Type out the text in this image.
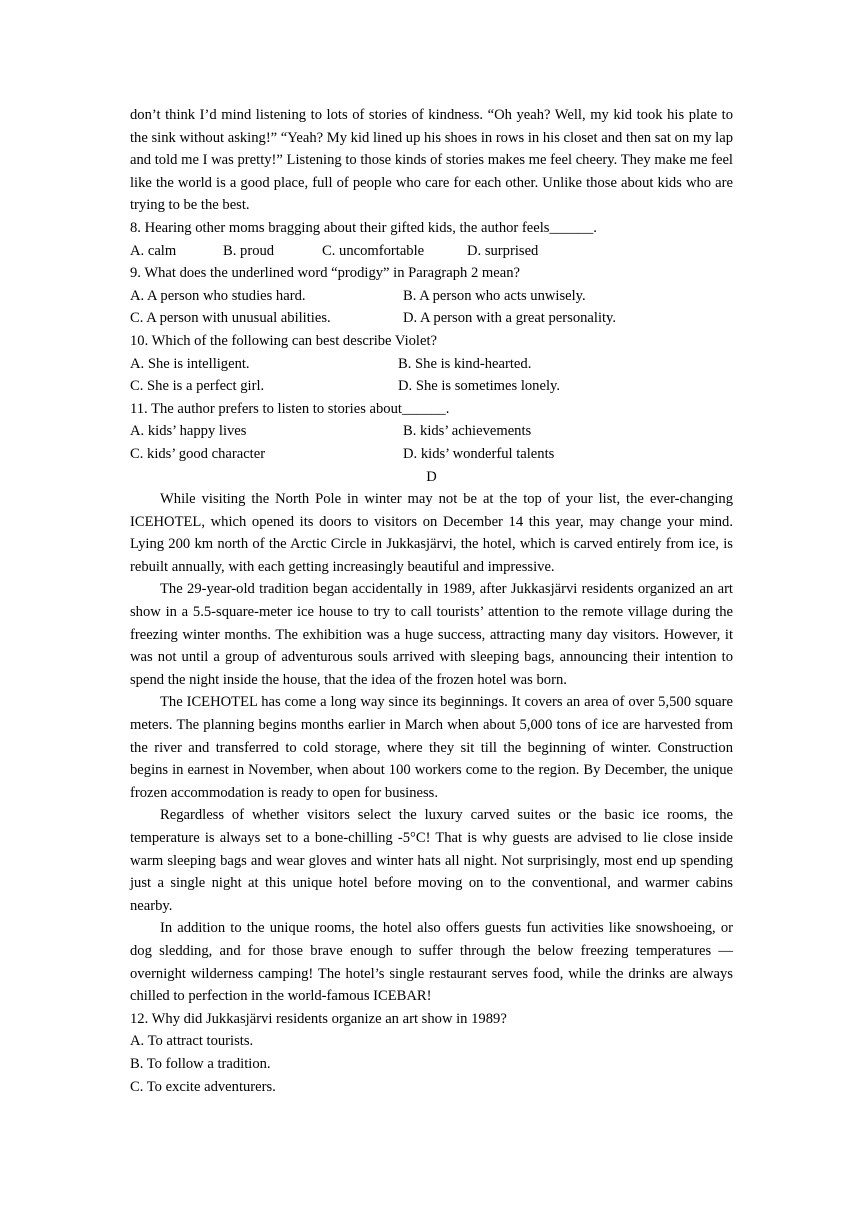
don’t think I’d mind listening to lots of stories of kindness. “Oh yeah? Well, my kid took his plate to the sink without asking!” “Yeah? My kid lined up his shoes in rows in his closet and then sat on my lap and told me I was pretty!” Listening to those kinds of stories makes me feel cheery. They make me feel like the world is a good place, full of people who care for each other. Unlike those about kids who are trying to be the best.

8. Hearing other moms bragging about their gifted kids, the author feels______.

A. calm	B. proud	C. uncomfortable	D. surprised

9. What does the underlined word “prodigy” in Paragraph 2 mean?

A. A person who studies hard.	B. A person who acts unwisely.
C. A person with unusual abilities.	D. A person with a great personality.

10. Which of the following can best describe Violet?

A. She is intelligent.	B. She is kind-hearted.
C. She is a perfect girl.	D. She is sometimes lonely.

11. The author prefers to listen to stories about______.

A. kids’ happy lives	B. kids’ achievements
C. kids’ good character	D. kids’ wonderful talents

D

While visiting the North Pole in winter may not be at the top of your list, the ever-changing ICEHOTEL, which opened its doors to visitors on December 14 this year, may change your mind. Lying 200 km north of the Arctic Circle in Jukkasjärvi, the hotel, which is carved entirely from ice, is rebuilt annually, with each getting increasingly beautiful and impressive.

The 29-year-old tradition began accidentally in 1989, after Jukkasjärvi residents organized an art show in a 5.5-square-meter ice house to try to call tourists’ attention to the remote village during the freezing winter months. The exhibition was a huge success, attracting many day visitors. However, it was not until a group of adventurous souls arrived with sleeping bags, announcing their intention to spend the night inside the house, that the idea of the frozen hotel was born.

The ICEHOTEL has come a long way since its beginnings. It covers an area of over 5,500 square meters. The planning begins months earlier in March when about 5,000 tons of ice are harvested from the river and transferred to cold storage, where they sit till the beginning of winter. Construction begins in earnest in November, when about 100 workers come to the region. By December, the unique frozen accommodation is ready to open for business.

Regardless of whether visitors select the luxury carved suites or the basic ice rooms, the temperature is always set to a bone-chilling -5°C! That is why guests are advised to lie close inside warm sleeping bags and wear gloves and winter hats all night. Not surprisingly, most end up spending just a single night at this unique hotel before moving on to the conventional, and warmer cabins nearby.

In addition to the unique rooms, the hotel also offers guests fun activities like snowshoeing, or dog sledding, and for those brave enough to suffer through the below freezing temperatures — overnight wilderness camping! The hotel’s single restaurant serves food, while the drinks are always chilled to perfection in the world-famous ICEBAR!

12. Why did Jukkasjärvi residents organize an art show in 1989?

A. To attract tourists.

B. To follow a tradition.

C. To excite adventurers.
